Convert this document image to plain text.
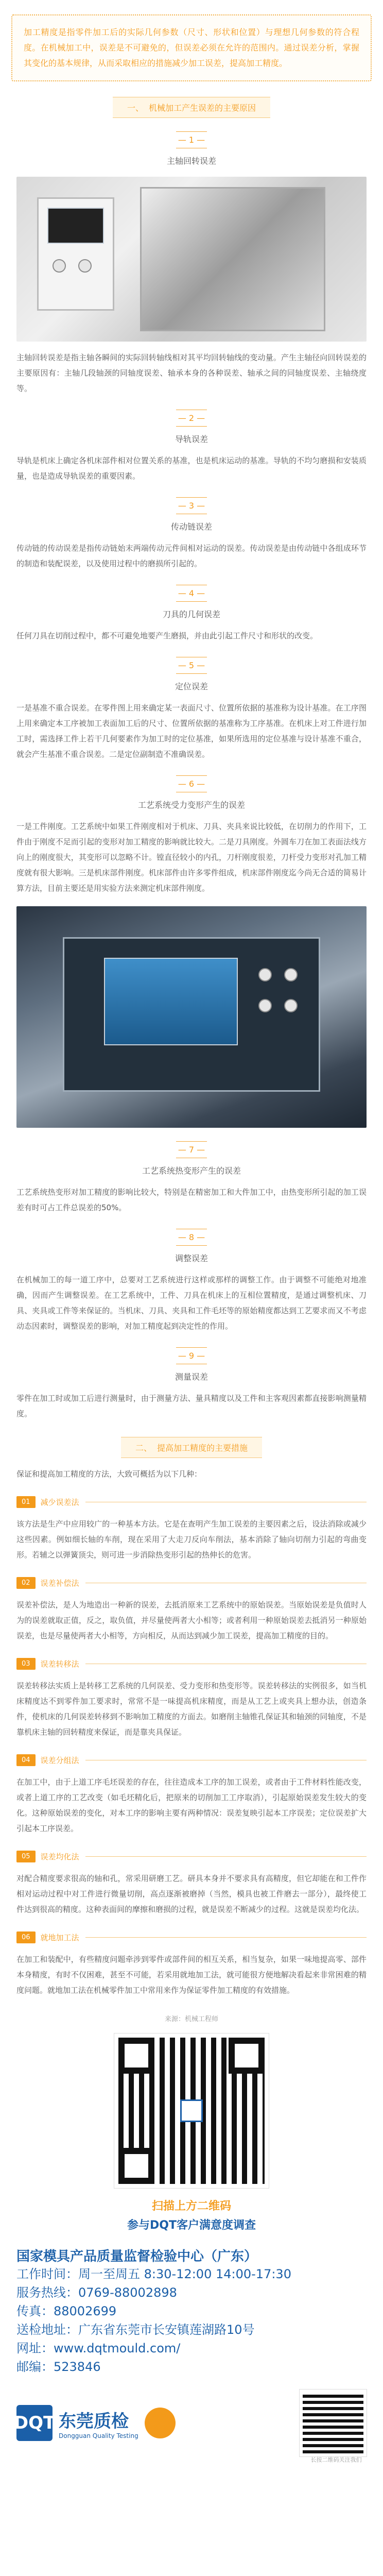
加工精度是指零件加工后的实际几何参数（尺寸、形状和位置）与理想几何参数的符合程度。在机械加工中，误差是不可避免的，但误差必须在允许的范围内。通过误差分析，掌握其变化的基本规律，从而采取相应的措施减少加工误差，提高加工精度。

一、 机械加工产生误差的主要原因
— 1 —
主轴回转误差

主轴回转误差是指主轴各瞬间的实际回转轴线相对其平均回转轴线的变动量。产生主轴径向回转误差的主要原因有：主轴几段轴颈的同轴度误差、轴承本身的各种误差、轴承之间的同轴度误差、主轴绕度等。

— 2 —
导轨误差

导轨是机床上确定各机床部件相对位置关系的基准，也是机床运动的基准。导轨的不均匀磨损和安装质量，也是造成导轨误差的重要因素。

— 3 —
传动链误差

传动链的传动误差是指传动链始末两端传动元件间相对运动的误差。传动误差是由传动链中各组成环节的制造和装配误差，以及使用过程中的磨损所引起的。

— 4 —
刀具的几何误差

任何刀具在切削过程中，都不可避免地要产生磨损，并由此引起工件尺寸和形状的改变。

— 5 —
定位误差

一是基准不重合误差。在零件图上用来确定某一表面尺寸、位置所依据的基准称为设计基准。在工序图上用来确定本工序被加工表面加工后的尺寸、位置所依据的基准称为工序基准。在机床上对工件进行加工时，需选择工件上若干几何要素作为加工时的定位基准，如果所选用的定位基准与设计基准不重合，就会产生基准不重合误差。二是定位副制造不准确误差。

— 6 —
工艺系统受力变形产生的误差

一是工件刚度。工艺系统中如果工件刚度相对于机床、刀具、夹具来说比较低，在切削力的作用下，工件由于刚度不足而引起的变形对加工精度的影响就比较大。二是刀具刚度。外圆车刀在加工表面法线方向上的刚度很大，其变形可以忽略不计。镗直径较小的内孔，刀杆刚度很差，刀杆受力变形对孔加工精度就有很大影响。三是机床部件刚度。机床部件由许多零件组成，机床部件刚度迄今尚无合适的简易计算方法，目前主要还是用实验方法来测定机床部件刚度。

— 7 —
工艺系统热变形产生的误差

工艺系统热变形对加工精度的影响比较大，特别是在精密加工和大件加工中，由热变形所引起的加工误差有时可占工件总误差的50%。

— 8 —
调整误差

在机械加工的每一道工序中，总要对工艺系统进行这样或那样的调整工作。由于调整不可能绝对地准确，因而产生调整误差。在工艺系统中，工件、刀具在机床上的互相位置精度，是通过调整机床、刀具、夹具或工件等来保证的。当机床、刀具、夹具和工件毛坯等的原始精度都达到工艺要求而又不考虑动态因素时，调整误差的影响，对加工精度起到决定性的作用。

— 9 —
测量误差

零件在加工时或加工后进行测量时，由于测量方法、量具精度以及工件和主客观因素都直接影响测量精度。

二、 提高加工精度的主要措施

保证和提高加工精度的方法，大致可概括为以下几种：

01	减少误差法

该方法是生产中应用较广的一种基本方法。它是在查明产生加工误差的主要因素之后，设法消除或减少这些因素。例如细长轴的车削，现在采用了大走刀反向车削法，基本消除了轴向切削力引起的弯曲变形。若辅之以弹簧顶尖，则可进一步消除热变形引起的热伸长的危害。

02	误差补偿法

误差补偿法，是人为地造出一种新的误差，去抵消原来工艺系统中的原始误差。当原始误差是负值时人为的误差就取正值，反之，取负值，并尽量使两者大小相等；或者利用一种原始误差去抵消另一种原始误差，也是尽量使两者大小相等，方向相反，从而达到减少加工误差，提高加工精度的目的。

03	误差转移法

误差转移法实质上是转移工艺系统的几何误差、受力变形和热变形等。误差转移法的实例很多，如当机床精度达不到零件加工要求时，常常不是一味提高机床精度，而是从工艺上或夹具上想办法，创造条件，使机床的几何误差转移到不影响加工精度的方面去。如磨削主轴锥孔保证其和轴颈的同轴度，不是靠机床主轴的回转精度来保证，而是靠夹具保证。

04	误差分组法

在加工中，由于上道工序毛坯误差的存在，往往造成本工序的加工误差，或者由于工件材料性能改变，或者上道工序的工艺改变（如毛坯精化后，把原来的切削加工工序取消），引起原始误差发生较大的变化。这种原始误差的变化，对本工序的影响主要有两种情况：误差复映引起本工序误差；定位误差扩大引起本工序误差。

05	误差均化法

对配合精度要求很高的轴和孔，常采用研磨工艺。研具本身并不要求具有高精度，但它却能在和工件作相对运动过程中对工件进行微量切削，高点逐渐被磨掉（当然，模具也被工件磨去一部分），最终使工件达到很高的精度。这种表面间的摩擦和磨损的过程，就是误差不断减少的过程。这就是误差均化法。

06	就地加工法

在加工和装配中，有些精度问题牵涉到零件或部件间的相互关系，相当复杂，如果一味地提高零、部件本身精度，有时不仅困难，甚至不可能，若采用就地加工法，就可能很方便地解决看起来非常困难的精度问题。就地加工法在机械零件加工中常用来作为保证零件加工精度的有效措施。

来源：机械工程师
扫描上方二维码
参与DQT客户满意度调查
国家模具产品质量监督检验中心（广东）
工作时间：周一至周五 8:30-12:00 14:00-17:30
服务热线：0769-88002898
传真：88002699
送检地址：广东省东莞市长安镇莲湖路10号
网址：www.dqtmould.com/
邮编：523846
DQT 东莞质检
Dongguan Quality Testing
长按二维码关注我们
